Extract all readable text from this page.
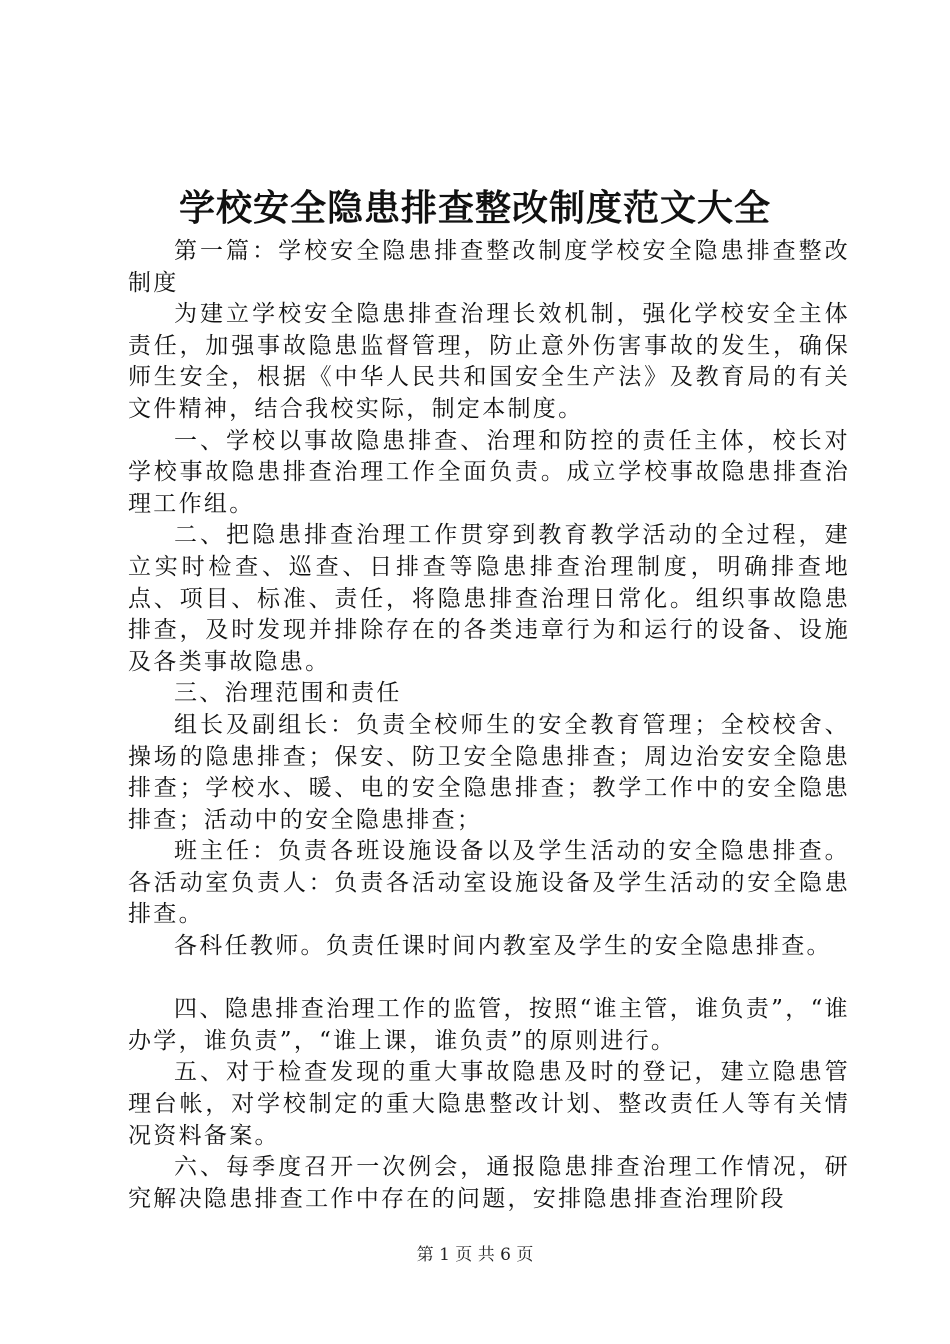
学校安全隐患排查整改制度范文大全

第一篇：学校安全隐患排查整改制度学校安全隐患排查整改制度

为建立学校安全隐患排查治理长效机制，强化学校安全主体责任，加强事故隐患监督管理，防止意外伤害事故的发生，确保师生安全，根据《中华人民共和国安全生产法》及教育局的有关文件精神，结合我校实际，制定本制度。

一、学校以事故隐患排查、治理和防控的责任主体，校长对学校事故隐患排查治理工作全面负责。成立学校事故隐患排查治理工作组。

二、把隐患排查治理工作贯穿到教育教学活动的全过程，建立实时检查、巡查、日排查等隐患排查治理制度，明确排查地点、项目、标准、责任，将隐患排查治理日常化。组织事故隐患排查，及时发现并排除存在的各类违章行为和运行的设备、设施及各类事故隐患。

三、治理范围和责任

组长及副组长：负责全校师生的安全教育管理；全校校舍、操场的隐患排查；保安、防卫安全隐患排查；周边治安安全隐患排查；学校水、暖、电的安全隐患排查；教学工作中的安全隐患排查；活动中的安全隐患排查；

班主任：负责各班设施设备以及学生活动的安全隐患排查。各活动室负责人：负责各活动室设施设备及学生活动的安全隐患排查。

各科任教师。负责任课时间内教室及学生的安全隐患排查。

四、隐患排查治理工作的监管，按照“谁主管，谁负责”，“谁办学，谁负责”，“谁上课，谁负责”的原则进行。

五、对于检查发现的重大事故隐患及时的登记，建立隐患管理台帐，对学校制定的重大隐患整改计划、整改责任人等有关情况资料备案。

六、每季度召开一次例会，通报隐患排查治理工作情况，研究解决隐患排查工作中存在的问题，安排隐患排查治理阶段

第 1 页 共 6 页
